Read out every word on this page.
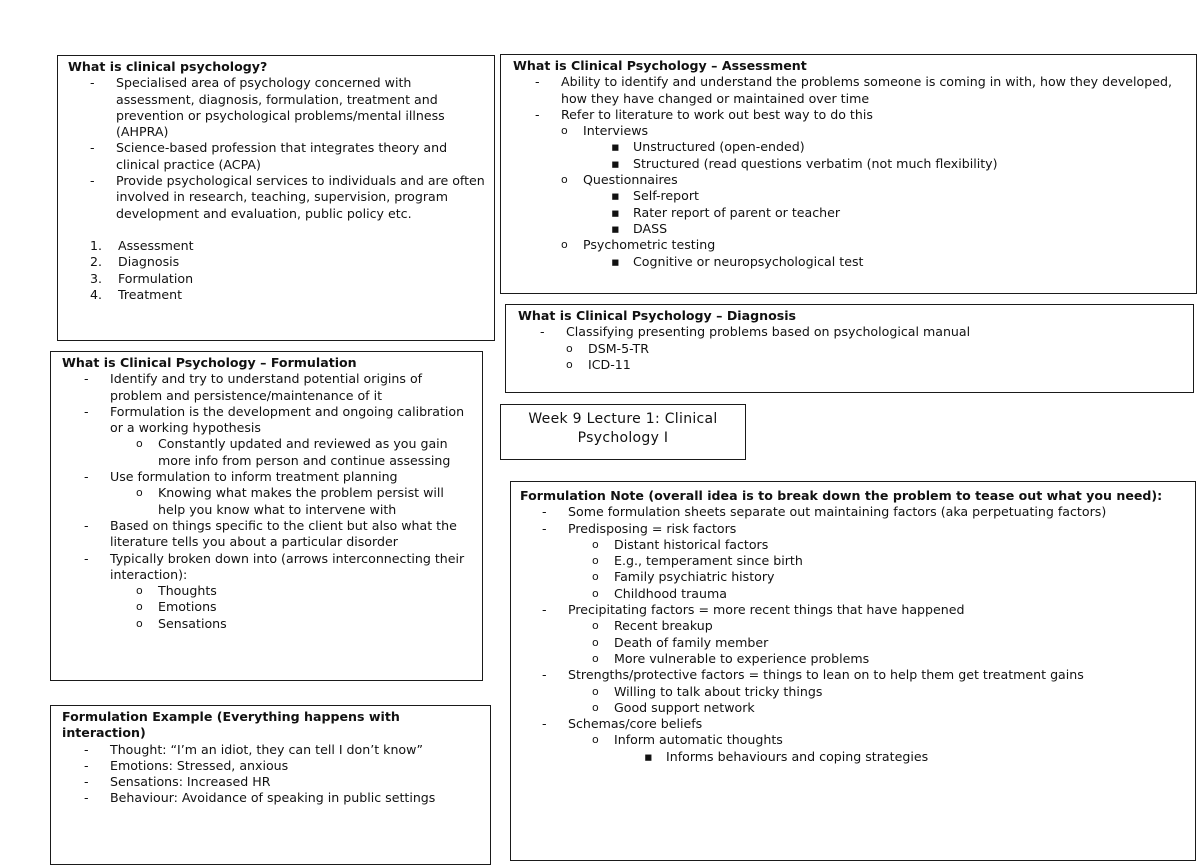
What is clinical psychology?

- Specialised area of psychology concerned with assessment, diagnosis, formulation, treatment and prevention or psychological problems/mental illness (AHPRA)
- Science-based profession that integrates theory and clinical practice (ACPA)
- Provide psychological services to individuals and are often involved in research, teaching, supervision, program development and evaluation, public policy etc.
1. Assessment
2. Diagnosis
3. Formulation
4. Treatment

What is Clinical Psychology – Assessment

- Ability to identify and understand the problems someone is coming in with, how they developed, how they have changed or maintained over time
- Refer to literature to work out best way to do this
o Interviews
▪ Unstructured (open-ended)
▪ Structured (read questions verbatim (not much flexibility)
o Questionnaires
▪ Self-report
▪ Rater report of parent or teacher
▪ DASS
o Psychometric testing
▪ Cognitive or neuropsychological test

What is Clinical Psychology – Diagnosis

- Classifying presenting problems based on psychological manual
o DSM-5-TR
o ICD-11
Week 9 Lecture 1: Clinical
Psychology I

What is Clinical Psychology – Formulation

- Identify and try to understand potential origins of problem and persistence/maintenance of it
- Formulation is the development and ongoing calibration or a working hypothesis
o Constantly updated and reviewed as you gain more info from person and continue assessing
- Use formulation to inform treatment planning
o Knowing what makes the problem persist will help you know what to intervene with
- Based on things specific to the client but also what the literature tells you about a particular disorder
- Typically broken down into (arrows interconnecting their interaction):
o Thoughts
o Emotions
o Sensations

Formulation Note (overall idea is to break down the problem to tease out what you need):

- Some formulation sheets separate out maintaining factors (aka perpetuating factors)
- Predisposing = risk factors
o Distant historical factors
o E.g., temperament since birth
o Family psychiatric history
o Childhood trauma
- Precipitating factors = more recent things that have happened
o Recent breakup
o Death of family member
o More vulnerable to experience problems
- Strengths/protective factors = things to lean on to help them get treatment gains
o Willing to talk about tricky things
o Good support network
- Schemas/core beliefs
o Inform automatic thoughts
▪ Informs behaviours and coping strategies

Formulation Example (Everything happens with interaction)

- Thought: “I’m an idiot, they can tell I don’t know”
- Emotions: Stressed, anxious
- Sensations: Increased HR
- Behaviour: Avoidance of speaking in public settings
